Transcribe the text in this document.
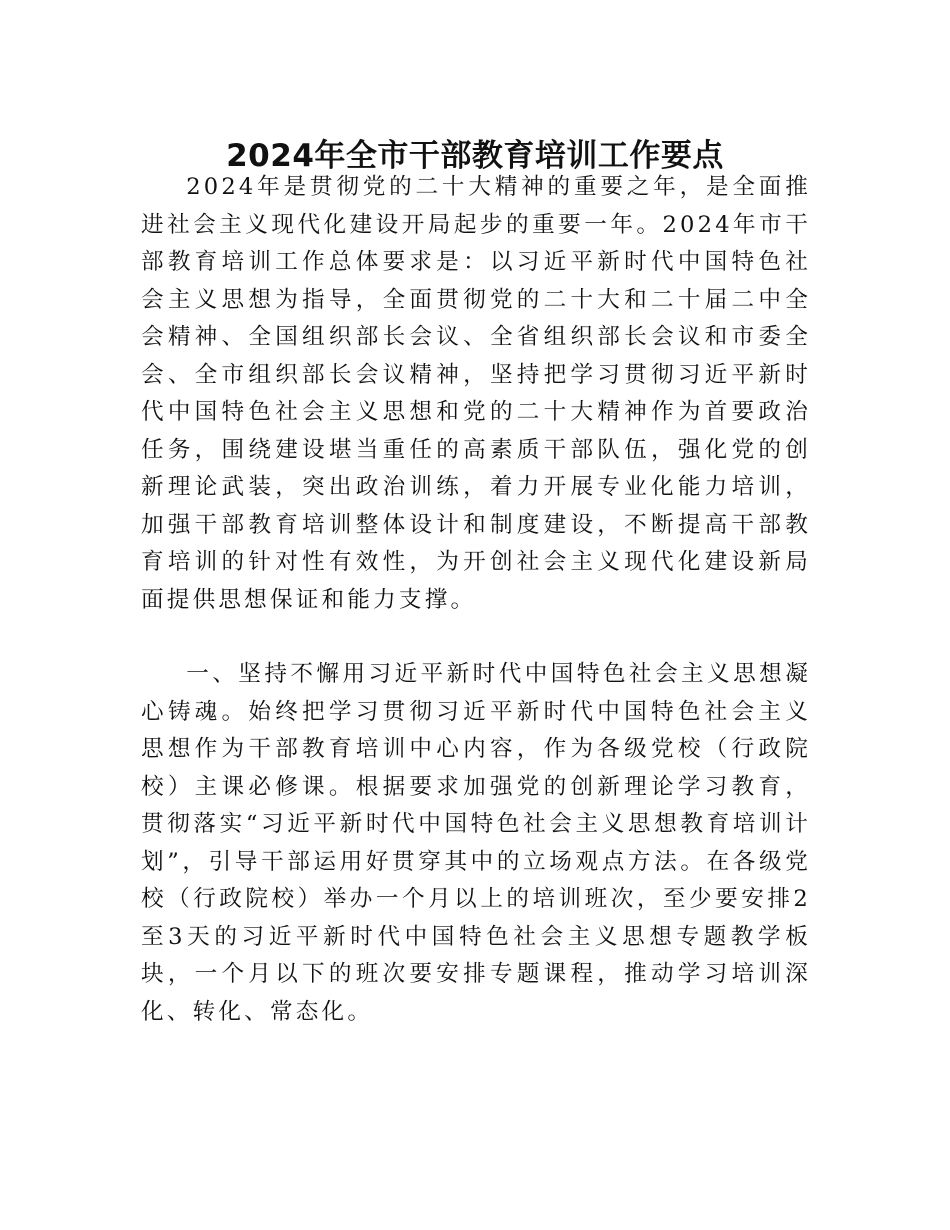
2024年全市干部教育培训工作要点

2024年是贯彻党的二十大精神的重要之年，是全面推进社会主义现代化建设开局起步的重要一年。2024年市干部教育培训工作总体要求是：以习近平新时代中国特色社会主义思想为指导，全面贯彻党的二十大和二十届二中全会精神、全国组织部长会议、全省组织部长会议和市委全会、全市组织部长会议精神，坚持把学习贯彻习近平新时代中国特色社会主义思想和党的二十大精神作为首要政治任务，围绕建设堪当重任的高素质干部队伍，强化党的创新理论武装，突出政治训练，着力开展专业化能力培训，加强干部教育培训整体设计和制度建设，不断提高干部教育培训的针对性有效性，为开创社会主义现代化建设新局面提供思想保证和能力支撑。

一、坚持不懈用习近平新时代中国特色社会主义思想凝心铸魂。始终把学习贯彻习近平新时代中国特色社会主义思想作为干部教育培训中心内容，作为各级党校（行政院校）主课必修课。根据要求加强党的创新理论学习教育，贯彻落实“习近平新时代中国特色社会主义思想教育培训计划”，引导干部运用好贯穿其中的立场观点方法。在各级党校（行政院校）举办一个月以上的培训班次，至少要安排2至3天的习近平新时代中国特色社会主义思想专题教学板块，一个月以下的班次要安排专题课程，推动学习培训深化、转化、常态化。
